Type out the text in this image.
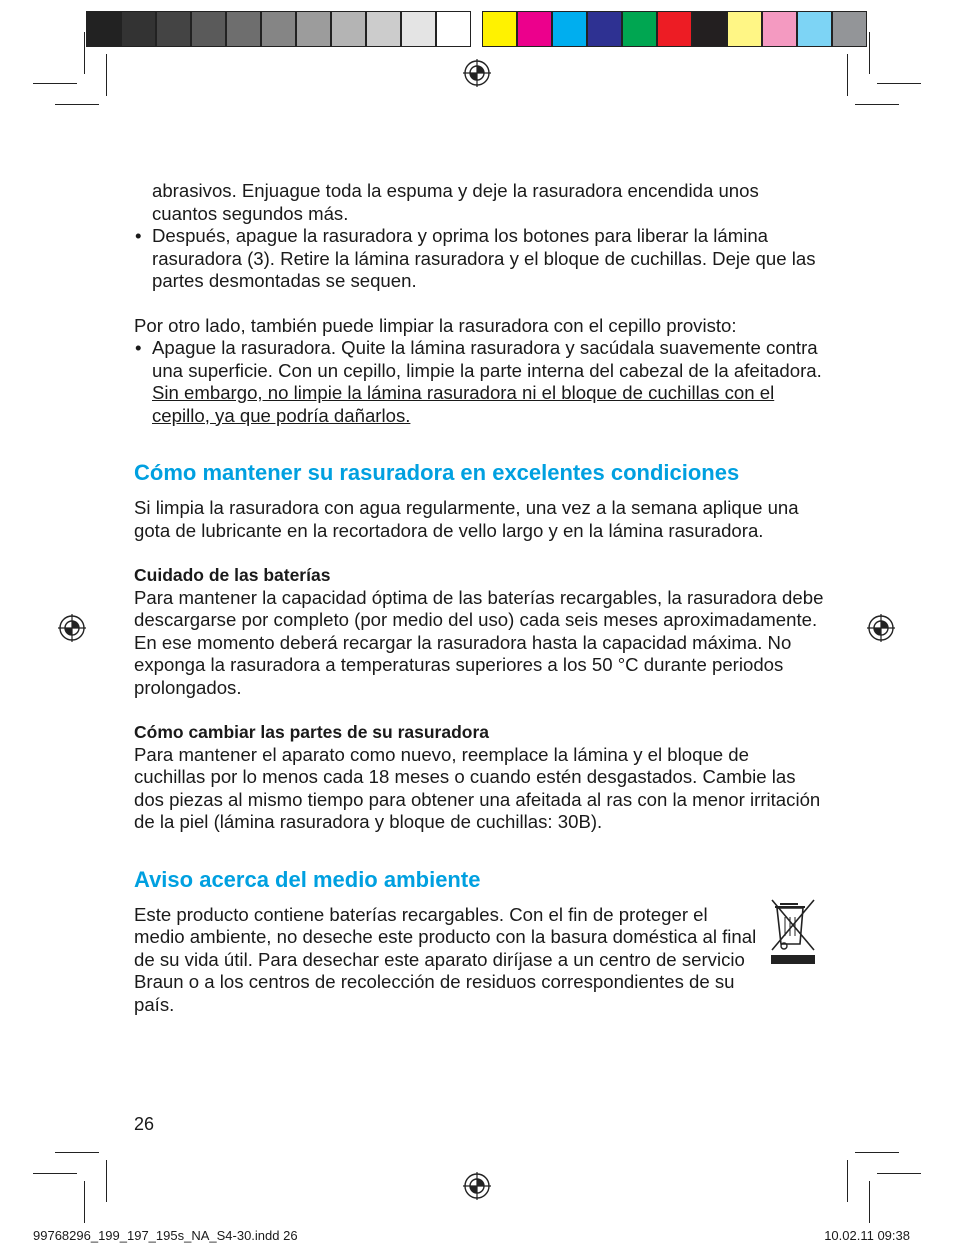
abrasivos. Enjuague toda la espuma y deje la rasuradora encendida unos cuantos segundos más.

• Después, apague la rasuradora y oprima los botones para liberar la lámina rasuradora (3). Retire la lámina rasuradora y el bloque de cuchillas. Deje que las partes desmontadas se sequen.

Por otro lado, también puede limpiar la rasuradora con el cepillo provisto:

• Apague la rasuradora. Quite la lámina rasuradora y sacúdala suavemente contra una superficie. Con un cepillo, limpie la parte interna del cabezal de la afeitadora. Sin embargo, no limpie la lámina rasuradora ni el bloque de cuchillas con el cepillo, ya que podría dañarlos.

Cómo mantener su rasuradora en excelentes condiciones

Si limpia la rasuradora con agua regularmente, una vez a la semana aplique una gota de lubricante en la recortadora de vello largo y en la lámina rasuradora.

Cuidado de las baterías

Para mantener la capacidad óptima de las baterías recargables, la rasuradora debe descargarse por completo (por medio del uso) cada seis meses aproximadamente. En ese momento deberá recargar la rasuradora hasta la capacidad máxima. No exponga la rasuradora a temperaturas superiores a los 50 °C durante periodos prolongados.

Cómo cambiar las partes de su rasuradora

Para mantener el aparato como nuevo, reemplace la lámina y el bloque de cuchillas por lo menos cada 18 meses o cuando estén desgastados. Cambie las dos piezas al mismo tiempo para obtener una afeitada al ras con la menor irritación de la piel (lámina rasuradora y bloque de cuchillas: 30B).

Aviso acerca del medio ambiente

Este producto contiene baterías recargables. Con el fin de proteger el medio ambiente, no deseche este producto con la basura doméstica al final de su vida útil. Para desechar este aparato diríjase a un centro de servicio Braun o a los centros de recolección de residuos correspondientes de su país.

26
99768296_199_197_195s_NA_S4-30.indd 26	10.02.11 09:38
